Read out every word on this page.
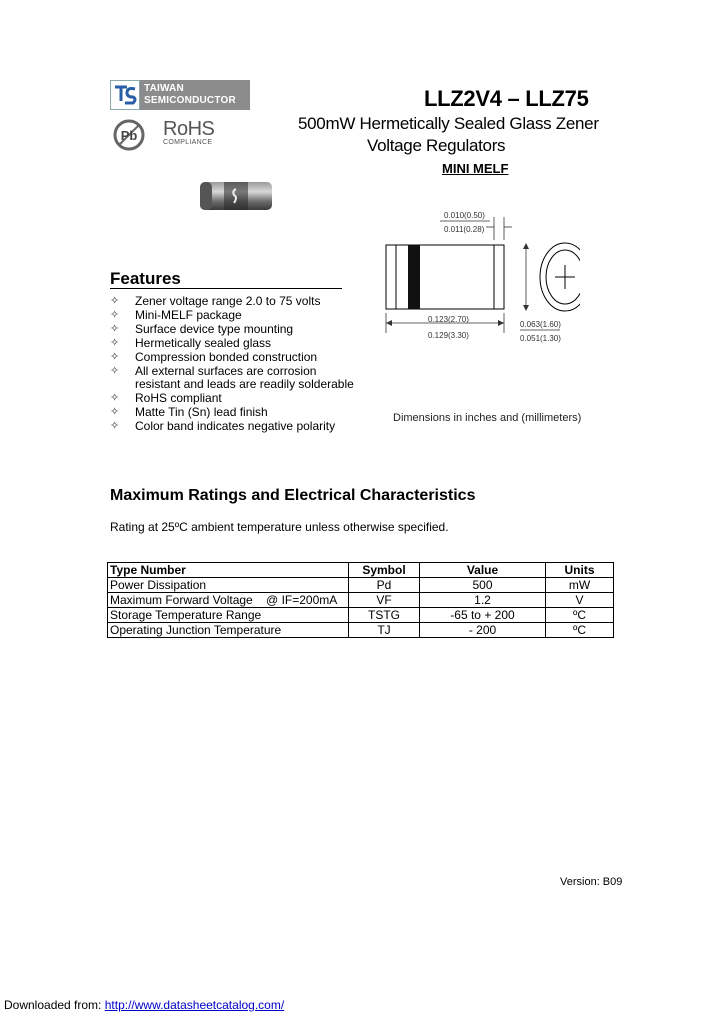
TAIWAN
SEMICONDUCTOR
Pb RoHS
COMPLIANCE
LLZ2V4 – LLZ75
500mW Hermetically Sealed Glass Zener
Voltage Regulators
MINI MELF
Features
✧	Zener voltage range 2.0 to 75 volts
✧	Mini-MELF package
✧	Surface device type mounting
✧	Hermetically sealed glass
✧	Compression bonded construction
✧	All external surfaces are corrosion
resistant and leads are readily solderable
✧	RoHS compliant
✧	Matte Tin (Sn) lead finish
✧	Color band indicates negative polarity
0.010(0.50)
0.011(0.28)
0.123(2.70)
0.129(3.30)
0.063(1.60)
0.051(1.30)
Dimensions in inches and (millimeters)
Maximum Ratings and Electrical Characteristics
Rating at 25ºC ambient temperature unless otherwise specified.
Type Number	Symbol	Value	Units
Power Dissipation	Pd	500	mW
Maximum Forward Voltage    @ IF=200mA	VF	1.2	V
Storage Temperature Range	TSTG	-65 to + 200	ºC
Operating Junction Temperature	TJ	- 200	ºC
Version: B09
Downloaded from: http://www.datasheetcatalog.com/
